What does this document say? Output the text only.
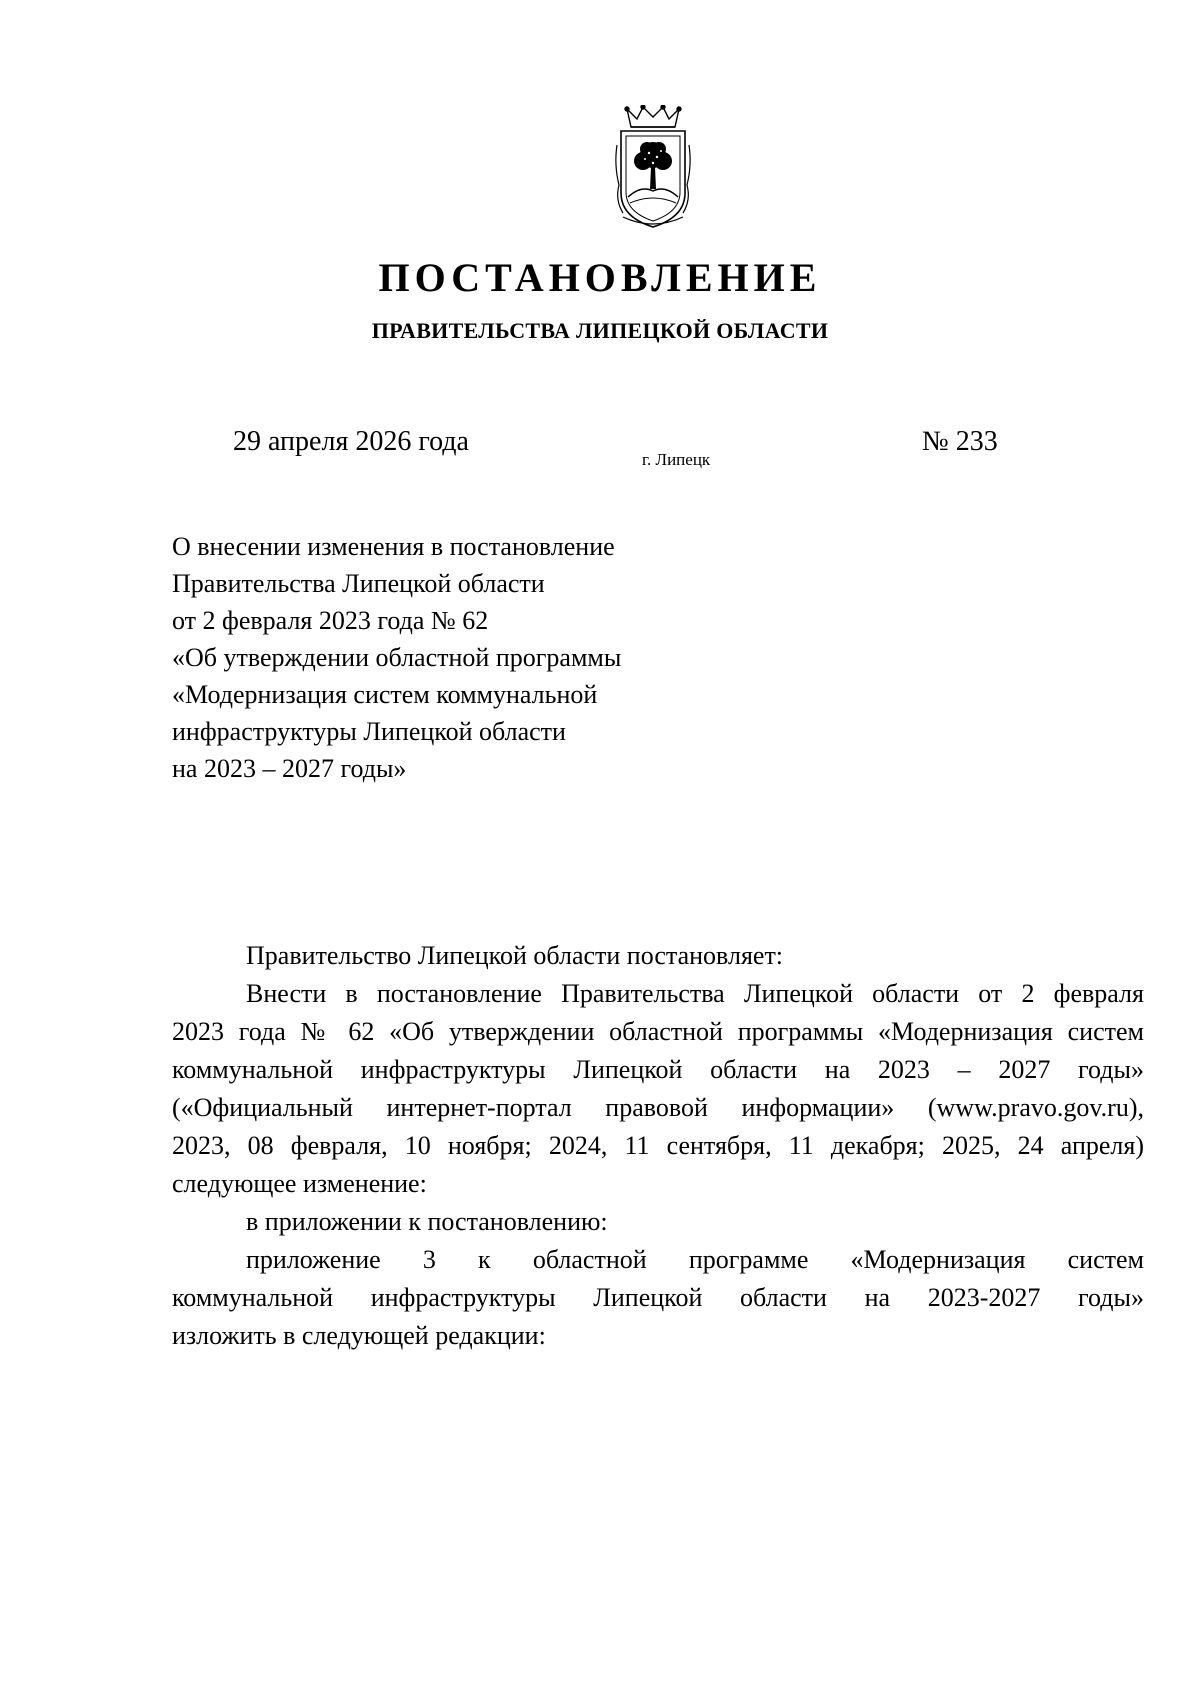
ПОСТАНОВЛЕНИЕ
ПРАВИТЕЛЬСТВА ЛИПЕЦКОЙ ОБЛАСТИ
29 апреля 2026 года
г. Липецк
№ 233
О внесении изменения в постановление
Правительства Липецкой области
от 2 февраля 2023 года № 62
«Об утверждении областной программы
«Модернизация систем коммунальной
инфраструктуры Липецкой области
на 2023 – 2027 годы»
Правительство Липецкой области постановляет:
Внести в постановление Правительства Липецкой области от 2 февраля
2023 года № 62 «Об утверждении областной программы «Модернизация систем
коммунальной инфраструктуры Липецкой области на 2023 – 2027 годы»
(«Официальный интернет-портал правовой информации» (www.pravo.gov.ru),
2023, 08 февраля, 10 ноября; 2024, 11 сентября, 11 декабря; 2025, 24 апреля)
следующее изменение:
в приложении к постановлению:
приложение 3 к областной программе «Модернизация систем
коммунальной инфраструктуры Липецкой области на 2023-2027 годы»
изложить в следующей редакции:
